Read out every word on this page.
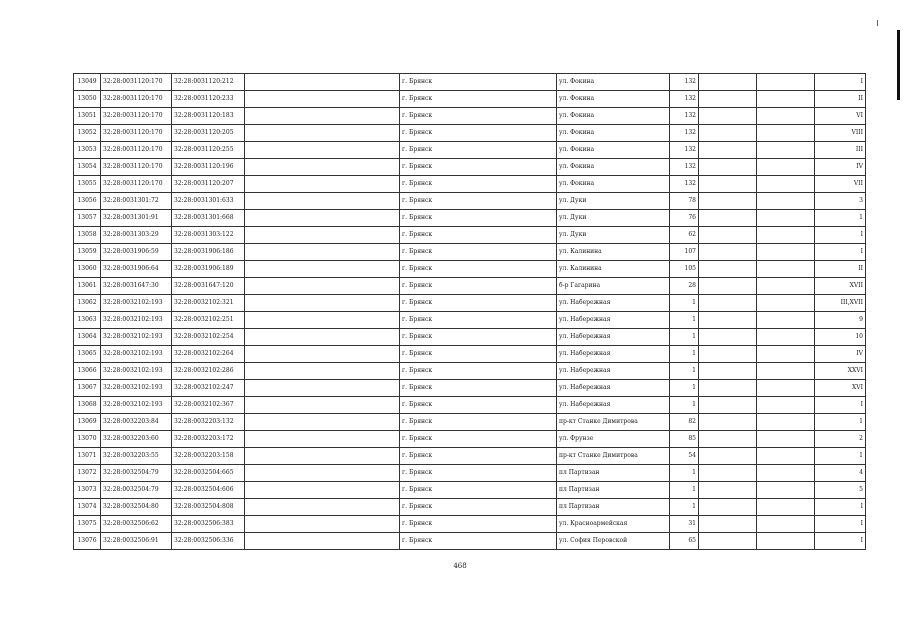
13049	32:28:0031120:170	32:28:0031120:212		г. Брянск	ул. Фокина	132			I
13050	32:28:0031120:170	32:28:0031120:233		г. Брянск	ул. Фокина	132			II
13051	32:28:0031120:170	32:28:0031120:183		г. Брянск	ул. Фокина	132			VI
13052	32:28:0031120:170	32:28:0031120:205		г. Брянск	ул. Фокина	132			VIII
13053	32:28:0031120:170	32:28:0031120:255		г. Брянск	ул. Фокина	132			III
13054	32:28:0031120:170	32:28:0031120:196		г. Брянск	ул. Фокина	132			IV
13055	32:28:0031120:170	32:28:0031120:207		г. Брянск	ул. Фокина	132			VII
13056	32:28:0031301:72	32:28:0031301:633		г. Брянск	ул. Дуки	78			3
13057	32:28:0031301:91	32:28:0031301:668		г. Брянск	ул. Дуки	76			1
13058	32:28:0031303:29	32:28:0031303:122		г. Брянск	ул. Дуки	62			I
13059	32:28:0031906:59	32:28:0031906:186		г. Брянск	ул. Калинина	107			I
13060	32:28:0031906:64	32:28:0031906:189		г. Брянск	ул. Калинина	105			II
13061	32:28:0031647:30	32:28:0031647:120		г. Брянск	б-р Гагарина	28			XVII
13062	32:28:0032102:193	32:28:0032102:321		г. Брянск	ул. Набережная	1			III,XVII
13063	32:28:0032102:193	32:28:0032102:251		г. Брянск	ул. Набережная	1			9
13064	32:28:0032102:193	32:28:0032102:254		г. Брянск	ул. Набережная	1			10
13065	32:28:0032102:193	32:28:0032102:264		г. Брянск	ул. Набережная	1			IV
13066	32:28:0032102:193	32:28:0032102:286		г. Брянск	ул. Набережная	1			XXVI
13067	32:28:0032102:193	32:28:0032102:247		г. Брянск	ул. Набережная	1			XVI
13068	32:28:0032102:193	32:28:0032102:367		г. Брянск	ул. Набережная	1			I
13069	32:28:0032203:84	32:28:0032203:132		г. Брянск	пр-кт Станке Димитрова	82			1
13070	32:28:0032203:60	32:28:0032203:172		г. Брянск	ул. Фрунзе	85			2
13071	32:28:0032203:55	32:28:0032203:158		г. Брянск	пр-кт Станке Димитрова	54			1
13072	32:28:0032504:79	32:28:0032504:665		г. Брянск	пл Партизан	1			4
13073	32:28:0032504:79	32:28:0032504:606		г. Брянск	пл Партизан	1			5
13074	32:28:0032504:80	32:28:0032504:808		г. Брянск	пл Партизан	1			I
13075	32:28:0032506:62	32:28:0032506:383		г. Брянск	ул. Красноармейская	31			I
13076	32:28:0032506:91	32:28:0032506:336		г. Брянск	ул. София Перовской	65			I
468
